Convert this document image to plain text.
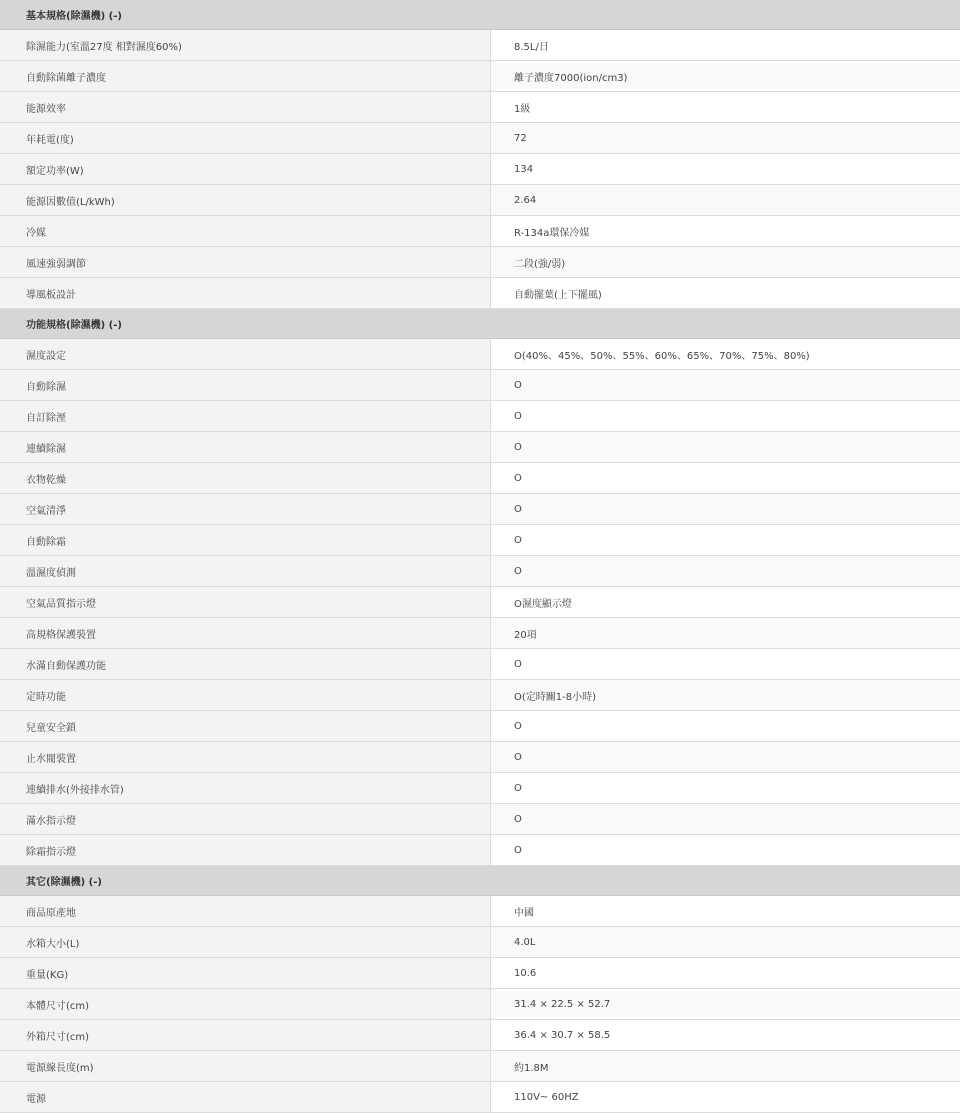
基本規格(除濕機) (-)
除濕能力(室溫27度 相對濕度60%)	8.5L/日
自動除菌離子濃度	離子濃度7000(ion/cm3)
能源效率	1級
年耗電(度)	72
額定功率(W)	134
能源因數值(L/kWh)	2.64
冷媒	R-134a環保冷媒
風速強弱調節	二段(強/弱)
導風板設計	自動擺葉(上下擺風)
功能規格(除濕機) (-)
濕度設定	O(40%、45%、50%、55%、60%、65%、70%、75%、80%)
自動除濕	O
自訂除溼	O
連續除濕	O
衣物乾燥	O
空氣清淨	O
自動除霜	O
溫濕度偵測	O
空氣品質指示燈	O濕度顯示燈
高規格保護裝置	20項
水滿自動保護功能	O
定時功能	O(定時關1-8小時)
兒童安全鎖	O
止水閥裝置	O
連續排水(外接排水管)	O
滿水指示燈	O
除霜指示燈	O
其它(除濕機) (-)
商品原產地	中國
水箱大小(L)	4.0L
重量(KG)	10.6
本體尺寸(cm)	31.4 × 22.5 × 52.7
外箱尺寸(cm)	36.4 × 30.7 × 58.5
電源線長度(m)	約1.8M
電源	110V~ 60HZ
